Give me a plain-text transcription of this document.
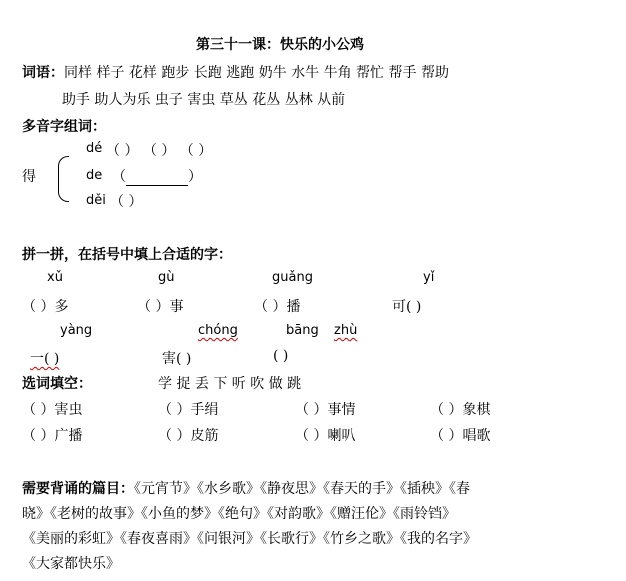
第三十一课：快乐的小公鸡
词语：同样 样子 花样 跑步 长跑 逃跑 奶牛 水牛 牛角 帮忙 帮手 帮助
助手 助人为乐 虫子 害虫 草丛 花丛 丛林 从前
多音字组词：
得
dé （ ） （ ） （ ）
de （	）
děi （ ）
拼一拼，在括号中填上合适的字：
xǔ	gù	guǎng	yǐ
（ ）多	（ ）事	（ ）播	可( )
yàng	chóng	bāng zhù
一( )	害( )	( )
选词填空：	学 捉 丢 下 听 吹 做 跳
（ ）害虫	（ ）手绢	（ ）事情	（ ）象棋
（ ）广播	（ ）皮筋	（ ）喇叭	（ ）唱歌
需要背诵的篇目：《元宵节》《水乡歌》《静夜思》《春天的手》《插秧》《春
晓》《老树的故事》《小鱼的梦》《绝句》《对韵歌》《赠汪伦》《雨铃铛》
《美丽的彩虹》《春夜喜雨》《问银河》《长歌行》《竹乡之歌》《我的名字》
《大家都快乐》
